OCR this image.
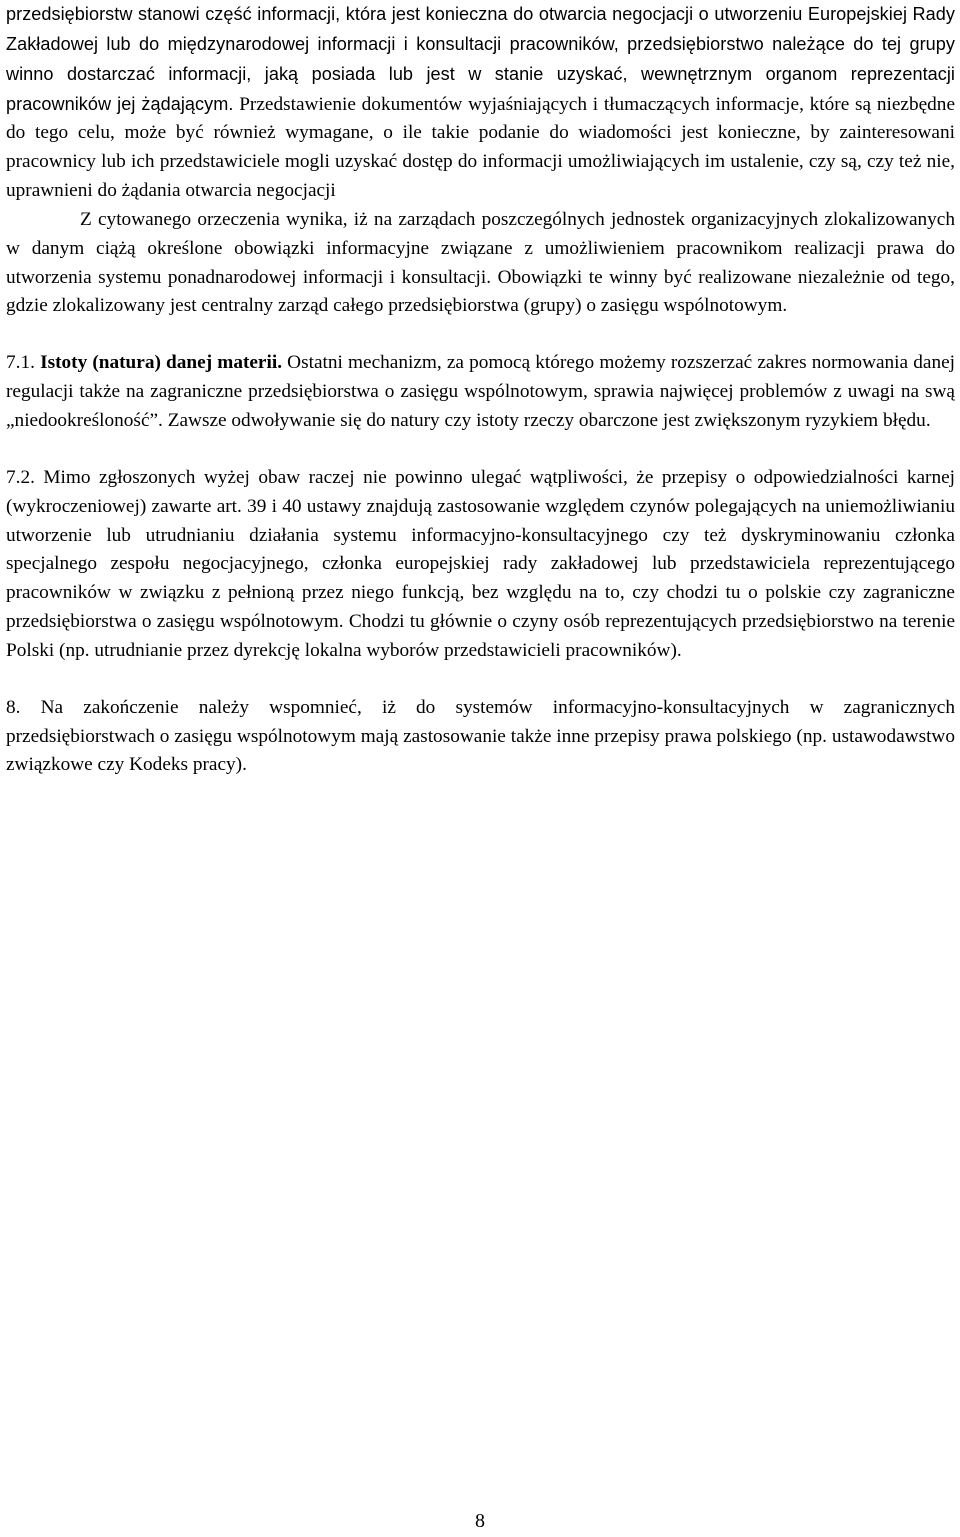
przedsiębiorstw stanowi część informacji, która jest konieczna do otwarcia negocjacji o utworzeniu Europejskiej Rady Zakładowej lub do międzynarodowej informacji i konsultacji pracowników, przedsiębiorstwo należące do tej grupy winno dostarczać informacji, jaką posiada lub jest w stanie uzyskać, wewnętrznym organom reprezentacji pracowników jej żądającym. Przedstawienie dokumentów wyjaśniających i tłumaczących informacje, które są niezbędne do tego celu, może być również wymagane, o ile takie podanie do wiadomości jest konieczne, by zainteresowani pracownicy lub ich przedstawiciele mogli uzyskać dostęp do informacji umożliwiających im ustalenie, czy są, czy też nie, uprawnieni do żądania otwarcia negocjacji

Z cytowanego orzeczenia wynika, iż na zarządach poszczególnych jednostek organizacyjnych zlokalizowanych w danym ciążą określone obowiązki informacyjne związane z umożliwieniem pracownikom realizacji prawa do utworzenia systemu ponadnarodowej informacji i konsultacji. Obowiązki te winny być realizowane niezależnie od tego, gdzie zlokalizowany jest centralny zarząd całego przedsiębiorstwa (grupy) o zasięgu wspólnotowym.

7.1. Istoty (natura) danej materii. Ostatni mechanizm, za pomocą którego możemy rozszerzać zakres normowania danej regulacji także na zagraniczne przedsiębiorstwa o zasięgu wspólnotowym, sprawia najwięcej problemów z uwagi na swą „niedookreśloność”. Zawsze odwoływanie się do natury czy istoty rzeczy obarczone jest zwiększonym ryzykiem błędu.

7.2. Mimo zgłoszonych wyżej obaw raczej nie powinno ulegać wątpliwości, że przepisy o odpowiedzialności karnej (wykroczeniowej) zawarte art. 39 i 40 ustawy znajdują zastosowanie względem czynów polegających na uniemożliwianiu utworzenie lub utrudnianiu działania systemu informacyjno-konsultacyjnego czy też dyskryminowaniu członka specjalnego zespołu negocjacyjnego, członka europejskiej rady zakładowej lub przedstawiciela reprezentującego pracowników w związku z pełnioną przez niego funkcją, bez względu na to, czy chodzi tu o polskie czy zagraniczne przedsiębiorstwa o zasięgu wspólnotowym. Chodzi tu głównie o czyny osób reprezentujących przedsiębiorstwo na terenie Polski (np. utrudnianie przez dyrekcję lokalna wyborów przedstawicieli pracowników).

8. Na zakończenie należy wspomnieć, iż do systemów informacyjno-konsultacyjnych w zagranicznych przedsiębiorstwach o zasięgu wspólnotowym mają zastosowanie także inne przepisy prawa polskiego (np. ustawodawstwo związkowe czy Kodeks pracy).

8
